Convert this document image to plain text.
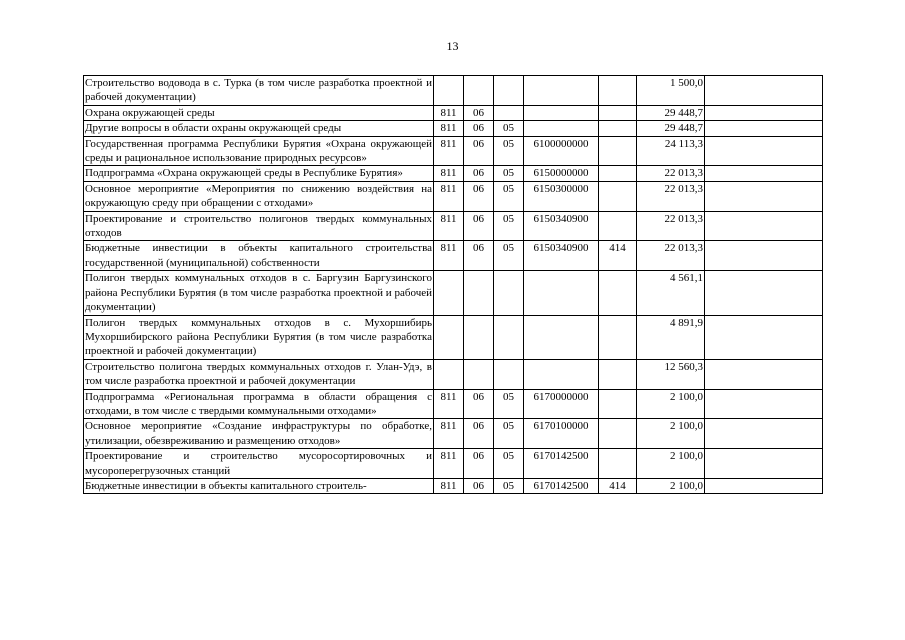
13
Строительство водовода в с. Турка (в том числе разработка проектной и рабочей документации)						1 500,0	
Охрана окружающей среды	811	06				29 448,7	
Другие вопросы в области охраны окружающей среды	811	06	05			29 448,7	
Государственная программа Республики Бурятия «Охрана окружающей среды и рациональное использование природных ресурсов»	811	06	05	6100000000		24 113,3	
Подпрограмма «Охрана окружающей среды в Республике Бурятия»	811	06	05	6150000000		22 013,3	
Основное мероприятие «Мероприятия по снижению воздействия на окружающую среду при обращении с отходами»	811	06	05	6150300000		22 013,3	
Проектирование и строительство полигонов твердых коммунальных отходов	811	06	05	6150340900		22 013,3	
Бюджетные инвестиции в объекты капитального строительства государственной (муниципальной) собственности	811	06	05	6150340900	414	22 013,3	
Полигон твердых коммунальных отходов в с. Баргузин Баргузинского района Республики Бурятия (в том числе разработка проектной и рабочей документации)						4 561,1	
Полигон твердых коммунальных отходов в с. Мухоршибирь Мухоршибирского района Республики Бурятия (в том числе разработка проектной и рабочей документации)						4 891,9	
Строительство полигона твердых коммунальных отходов г. Улан-Удэ, в том числе разработка проектной и рабочей документации						12 560,3	
Подпрограмма «Региональная программа в области обращения с отходами, в том числе с твердыми коммунальными отходами»	811	06	05	6170000000		2 100,0	
Основное мероприятие «Создание инфраструктуры по обработке, утилизации, обезвреживанию и размещению отходов»	811	06	05	6170100000		2 100,0	
Проектирование и строительство мусоросортировочных и мусороперегрузочных станций	811	06	05	6170142500		2 100,0	
Бюджетные инвестиции в объекты капитального строитель-	811	06	05	6170142500	414	2 100,0	
